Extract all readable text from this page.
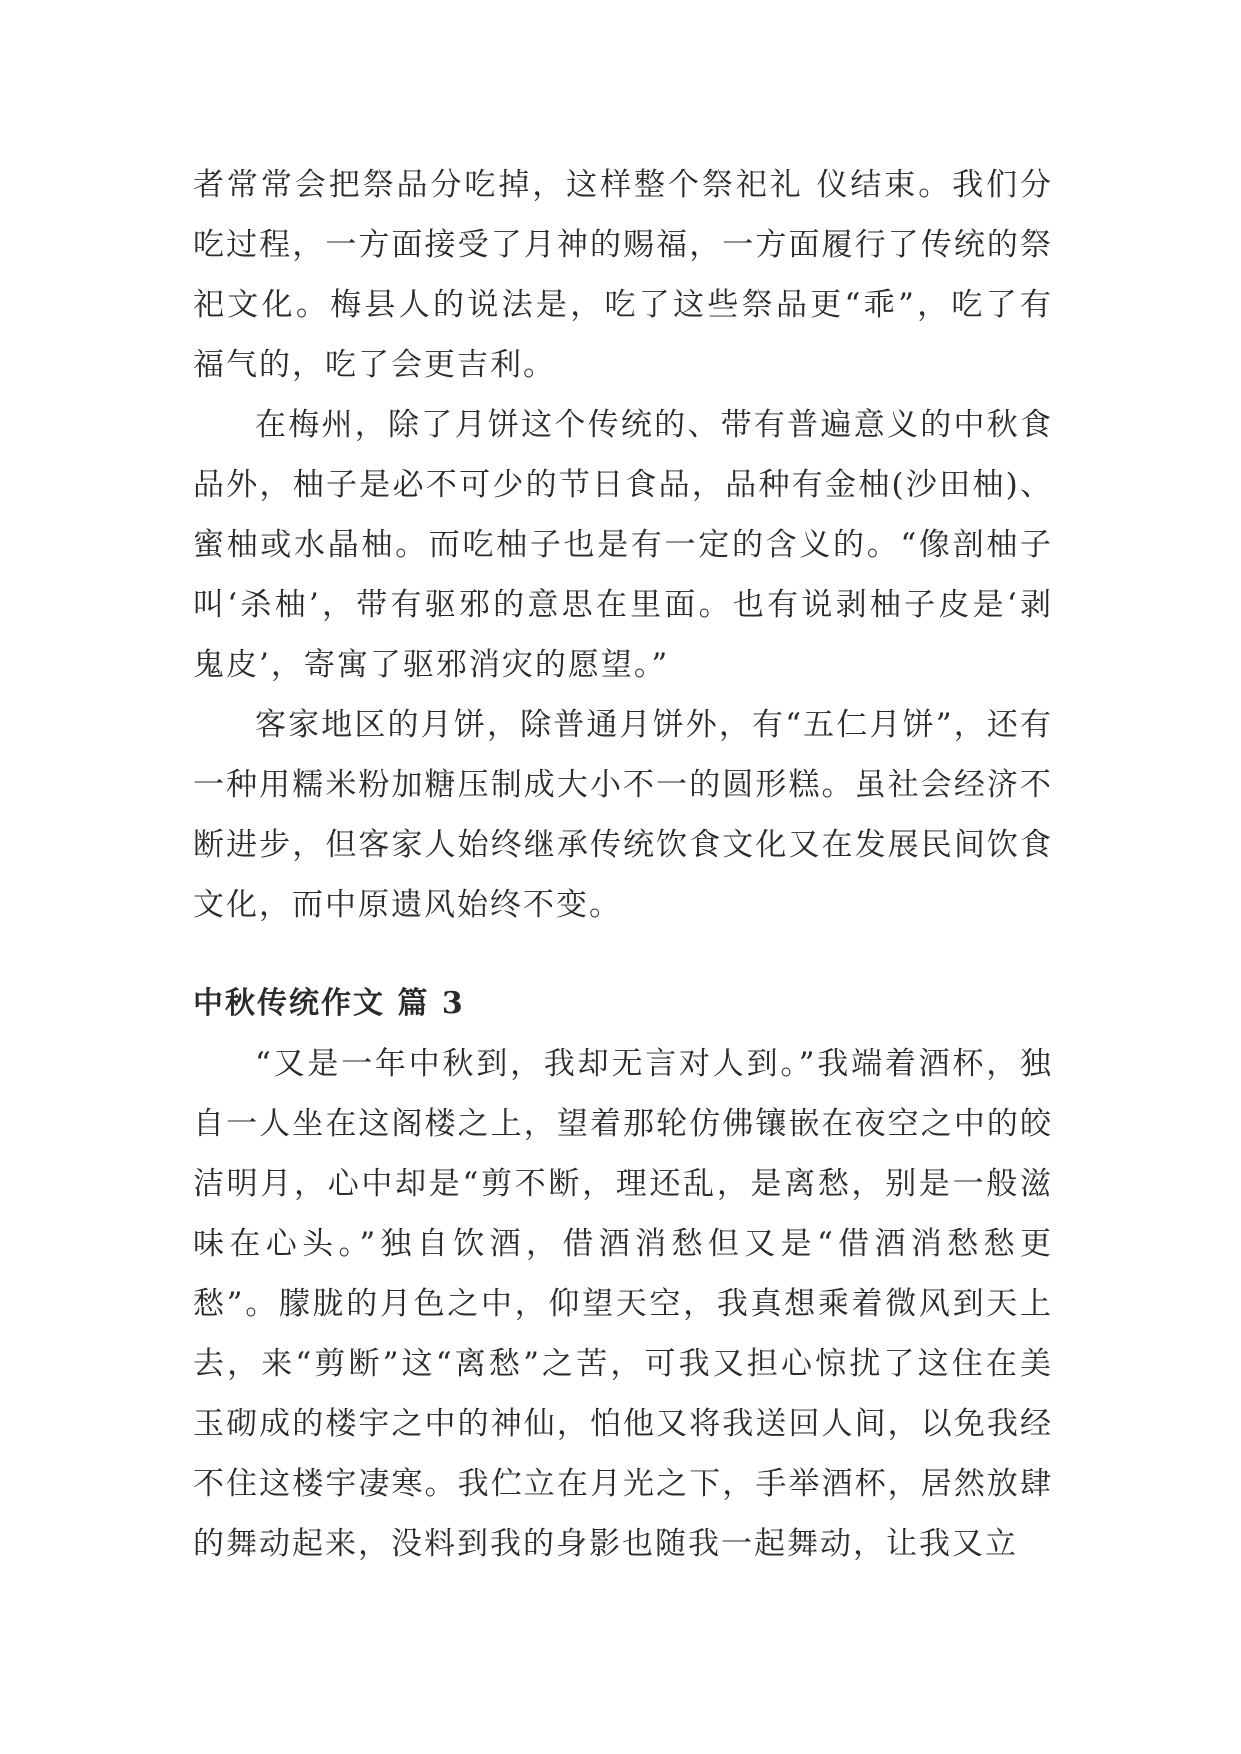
者常常会把祭品分吃掉，这样整个祭祀礼 仪结束。我们分吃过程，一方面接受了月神的赐福，一方面履行了传统的祭祀文化。梅县人的说法是，吃了这些祭品更“乖”，吃了有福气的，吃了会更吉利。

在梅州，除了月饼这个传统的、带有普遍意义的中秋食品外，柚子是必不可少的节日食品，品种有金柚(沙田柚)、蜜柚或水晶柚。而吃柚子也是有一定的含义的。“像剖柚子叫‘杀柚’，带有驱邪的意思在里面。也有说剥柚子皮是‘剥鬼皮’，寄寓了驱邪消灾的愿望。”

客家地区的月饼，除普通月饼外，有“五仁月饼”，还有一种用糯米粉加糖压制成大小不一的圆形糕。虽社会经济不断进步，但客家人始终继承传统饮食文化又在发展民间饮食文化，而中原遗风始终不变。

中秋传统作文 篇 3

“又是一年中秋到，我却无言对人到。”我端着酒杯，独自一人坐在这阁楼之上，望着那轮仿佛镶嵌在夜空之中的皎洁明月，心中却是“剪不断，理还乱，是离愁，别是一般滋味在心头。”独自饮酒，借酒消愁但又是“借酒消愁愁更愁”。朦胧的月色之中，仰望天空，我真想乘着微风到天上去，来“剪断”这“离愁”之苦，可我又担心惊扰了这住在美玉砌成的楼宇之中的神仙，怕他又将我送回人间，以免我经不住这楼宇凄寒。我伫立在月光之下，手举酒杯，居然放肆的舞动起来，没料到我的身影也随我一起舞动，让我又立
